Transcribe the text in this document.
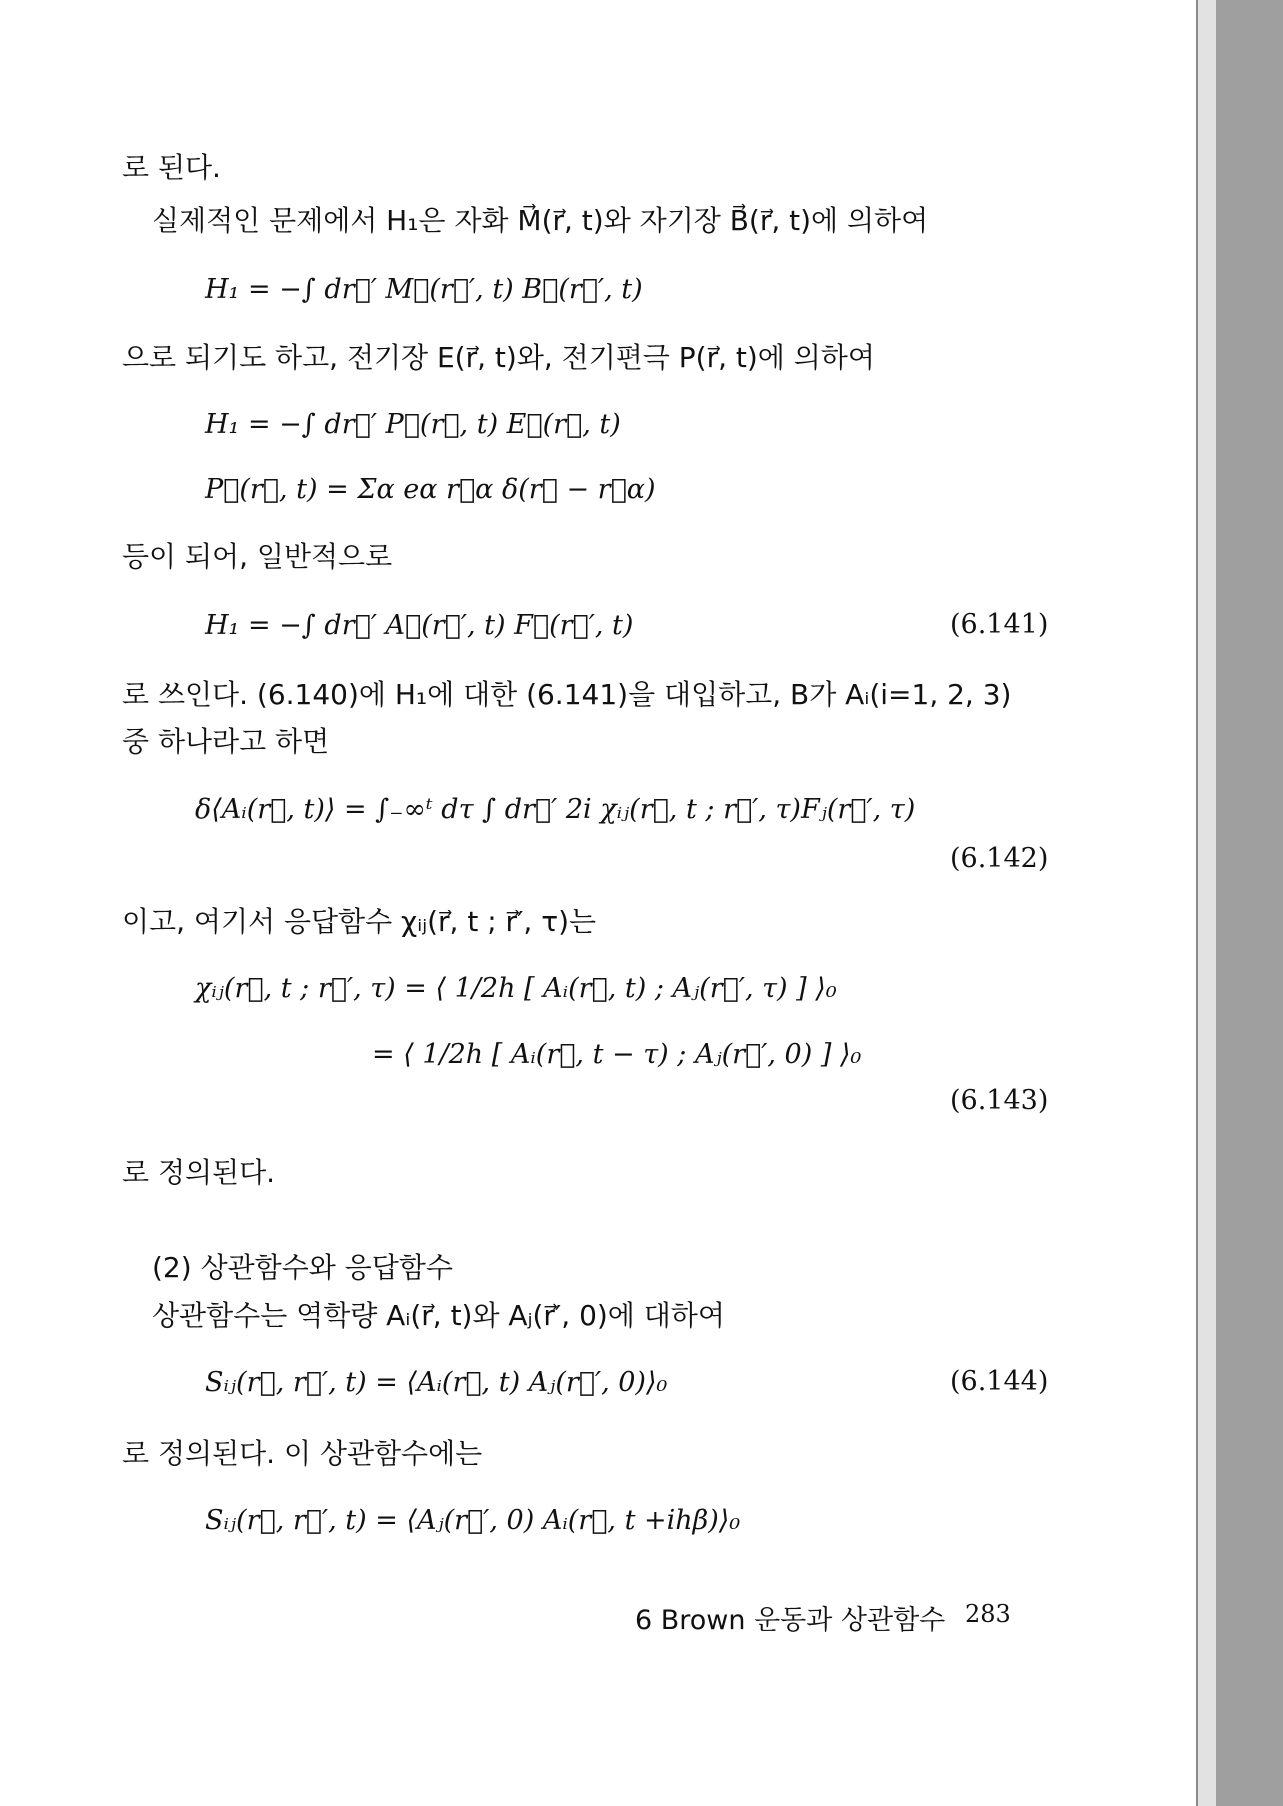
로 된다.
실제적인 문제에서 H₁은 자화 M⃗(r⃗, t)와 자기장 B⃗(r⃗, t)에 의하여
H₁ = −∫ dr⃗′ M⃗(r⃗′, t) B⃗(r⃗′, t)
으로 되기도 하고, 전기장 E(r⃗, t)와, 전기편극 P(r⃗, t)에 의하여
H₁ = −∫ dr⃗′ P⃗(r⃗, t) E⃗(r⃗, t)
P⃗(r⃗, t) = Σα eα r⃗α δ(r⃗ − r⃗α)
등이 되어, 일반적으로
H₁ = −∫ dr⃗′ A⃗(r⃗′, t) F⃗(r⃗′, t)	(6.141)
로 쓰인다. (6.140)에 H₁에 대한 (6.141)을 대입하고, B가 Aᵢ(i=1, 2, 3)
중 하나라고 하면
δ⟨Aᵢ(r⃗, t)⟩ = ∫₋∞ᵗ dτ ∫ dr⃗′ 2i χᵢⱼ(r⃗, t ; r⃗′, τ)Fⱼ(r⃗′, τ)
(6.142)
이고, 여기서 응답함수 χᵢⱼ(r⃗, t ; r⃗′, τ)는
χᵢⱼ(r⃗, t ; r⃗′, τ) = ⟨ 1/2h [ Aᵢ(r⃗, t) ; Aⱼ(r⃗′, τ) ] ⟩₀
= ⟨ 1/2h [ Aᵢ(r⃗, t − τ) ; Aⱼ(r⃗′, 0) ] ⟩₀
(6.143)
로 정의된다.
(2) 상관함수와 응답함수
상관함수는 역학량 Aᵢ(r⃗, t)와 Aⱼ(r⃗′, 0)에 대하여
Sᵢⱼ(r⃗, r⃗′, t) = ⟨Aᵢ(r⃗, t) Aⱼ(r⃗′, 0)⟩₀	(6.144)
로 정의된다. 이 상관함수에는
Sᵢⱼ(r⃗, r⃗′, t) = ⟨Aⱼ(r⃗′, 0) Aᵢ(r⃗, t +ihβ)⟩₀
6 Brown 운동과 상관함수 283
